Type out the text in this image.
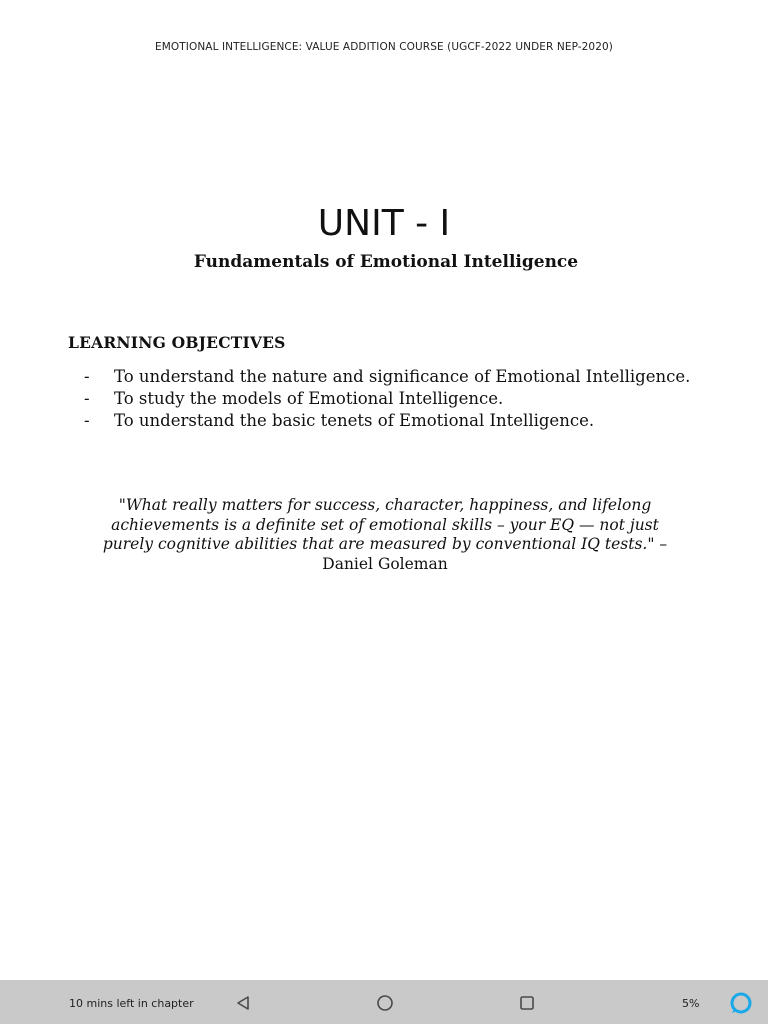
EMOTIONAL INTELLIGENCE: VALUE ADDITION COURSE (UGCF-2022 UNDER NEP-2020)
UNIT - I
Fundamentals of Emotional Intelligence
LEARNING OBJECTIVES
- To understand the nature and significance of Emotional Intelligence.
- To study the models of Emotional Intelligence.
- To understand the basic tenets of Emotional Intelligence.
"What really matters for success, character, happiness, and lifelong achievements is a definite set of emotional skills – your EQ — not just purely cognitive abilities that are measured by conventional IQ tests." – Daniel Goleman
10 mins left in chapter	5%
